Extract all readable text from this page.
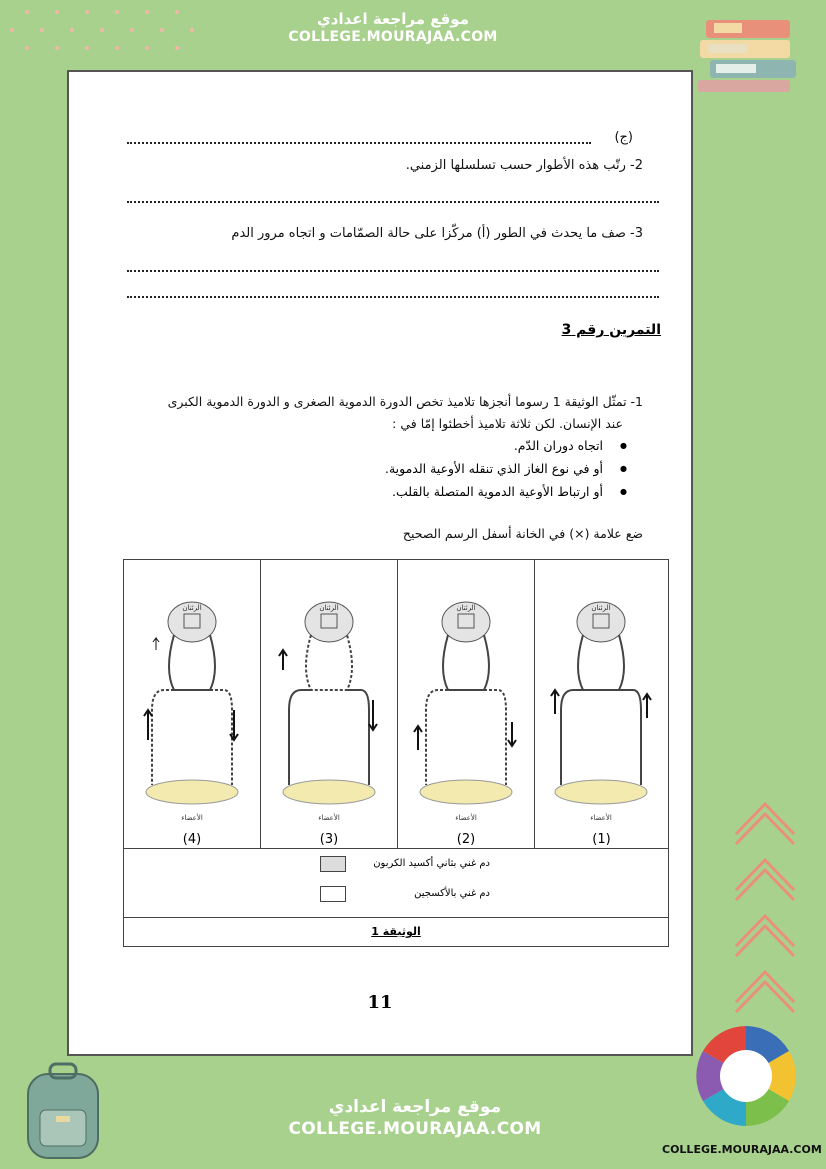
موقع مراجعة اعدادي
COLLEGE.MOURAJAA.COM
(ج)
2- رتّب هذه الأطوار حسب تسلسلها الزمني.
3- صف ما يحدث في الطور (أ) مركّزا على حالة الصمّامات و اتجاه مرور الدم
التمرين رقم 3
1- تمثّل الوثيقة 1 رسوما أنجزها تلاميذ تخص الدورة الدموية الصغرى و الدورة الدموية الكبرى
عند الإنسان. لكن ثلاثة تلاميذ أخطئوا إمّا في :
اتجاه دوران الدّم. ●
أو في نوع الغاز الذي تنقله الأوعية الدموية. ●
أو ارتباط الأوعية الدموية المتصلة بالقلب. ●
ضع علامة (×) في الخانة أسفل الرسم الصحيح
الرئتان
الأعضاء
(4)
الرئتان
الأعضاء
(3)
الرئتان
الأعضاء
(2)
الرئتان
الأعضاء
(1)
دم غني بثاني أكسيد الكربون
دم غني بالأكسجين
الوثيقة 1
11
موقع مراجعة اعدادي
COLLEGE.MOURAJAA.COM
COLLEGE.MOURAJAA.COM
